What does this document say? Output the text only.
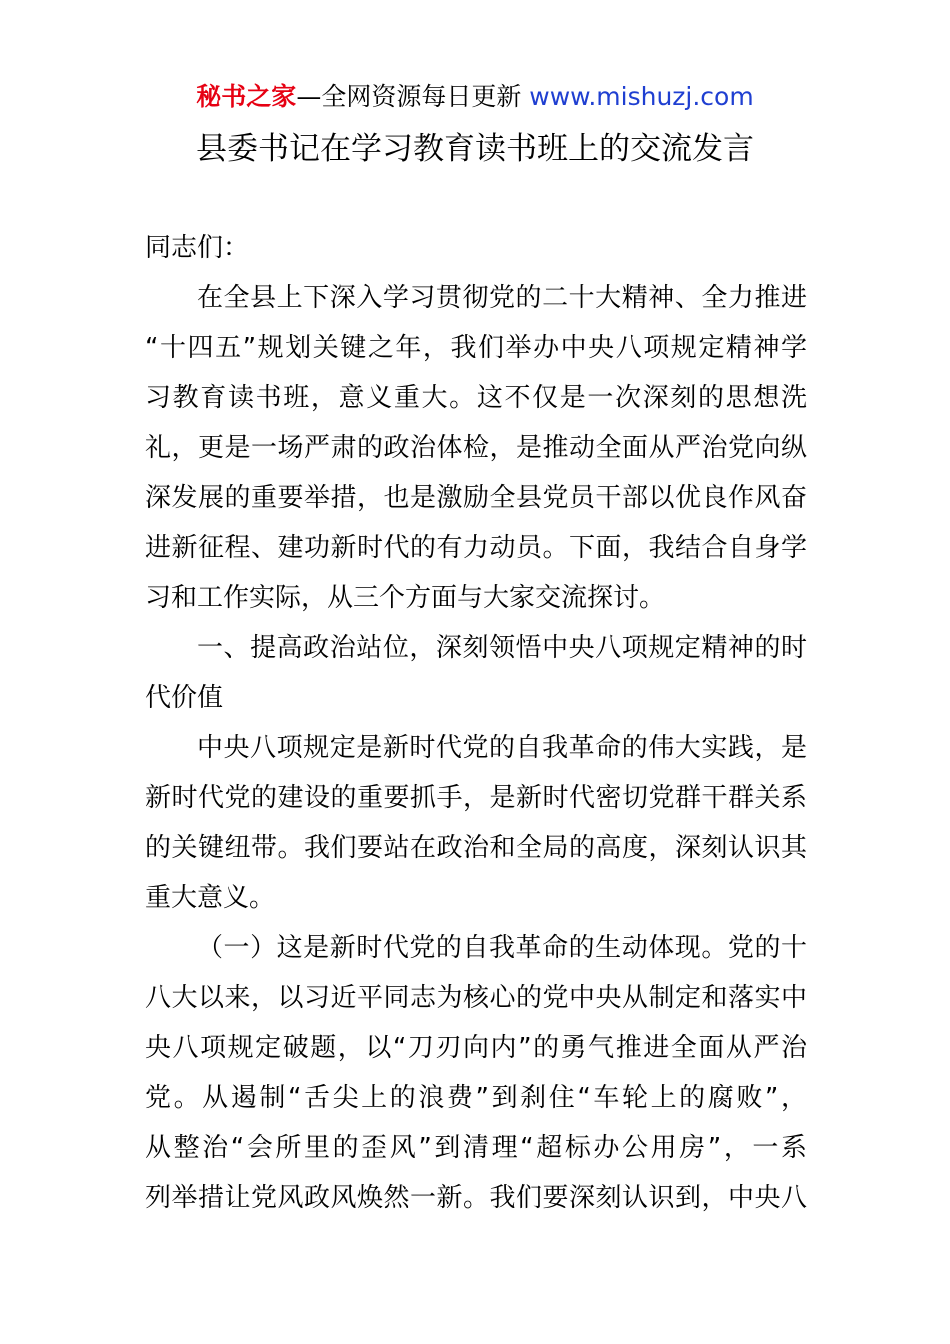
秘书之家—全网资源每日更新 www.mishuzj.com
县委书记在学习教育读书班上的交流发言
同志们：
在全县上下深入学习贯彻党的二十大精神、全力推进
“十四五”规划关键之年，我们举办中央八项规定精神学
习教育读书班，意义重大。这不仅是一次深刻的思想洗
礼，更是一场严肃的政治体检，是推动全面从严治党向纵
深发展的重要举措，也是激励全县党员干部以优良作风奋
进新征程、建功新时代的有力动员。下面，我结合自身学
习和工作实际，从三个方面与大家交流探讨。
一、提高政治站位，深刻领悟中央八项规定精神的时
代价值
中央八项规定是新时代党的自我革命的伟大实践，是
新时代党的建设的重要抓手，是新时代密切党群干群关系
的关键纽带。我们要站在政治和全局的高度，深刻认识其
重大意义。
（一）这是新时代党的自我革命的生动体现。党的十
八大以来，以习近平同志为核心的党中央从制定和落实中
央八项规定破题，以“刀刃向内”的勇气推进全面从严治
党。从遏制“舌尖上的浪费”到刹住“车轮上的腐败”，
从整治“会所里的歪风”到清理“超标办公用房”，一系
列举措让党风政风焕然一新。我们要深刻认识到，中央八
